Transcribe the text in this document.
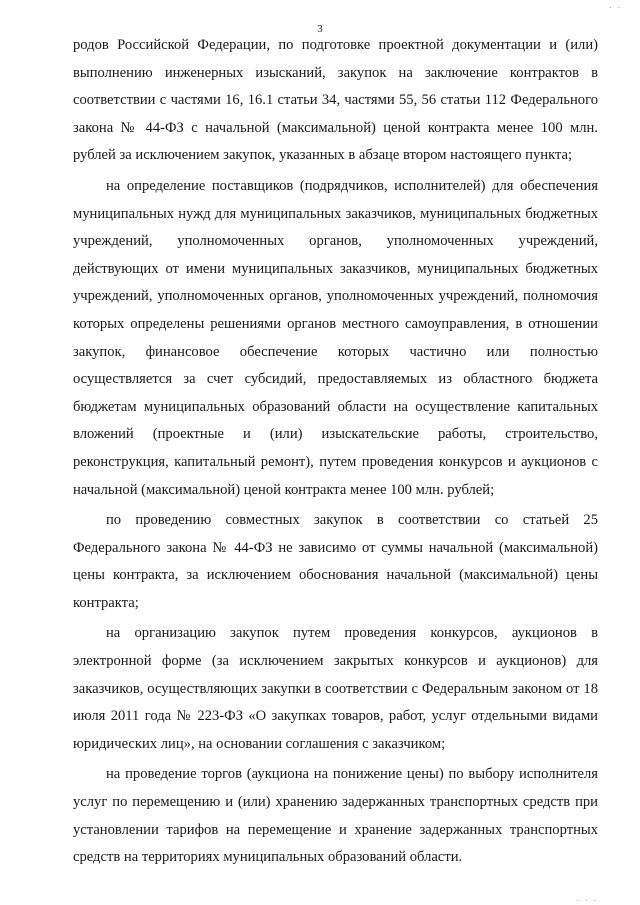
. .
3

родов Российской Федерации, по подготовке проектной документации и (или) выполнению инженерных изысканий, закупок на заключение контрактов в соответствии с частями 16, 16.1 статьи 34, частями 55, 56 статьи 112 Федерального закона № 44-ФЗ с начальной (максимальной) ценой контракта менее 100 млн. рублей за исключением закупок, указанных в абзаце втором настоящего пункта;

на определение поставщиков (подрядчиков, исполнителей) для обеспечения муниципальных нужд для муниципальных заказчиков, муниципальных бюджетных учреждений, уполномоченных органов, уполномоченных учреждений, действующих от имени муниципальных заказчиков, муниципальных бюджетных учреждений, уполномоченных органов, уполномоченных учреждений, полномочия которых определены решениями органов местного самоуправления, в отношении закупок, финансовое обеспечение которых частично или полностью осуществляется за счет субсидий, предоставляемых из областного бюджета бюджетам муниципальных образований области на осуществление капитальных вложений (проектные и (или) изыскательские работы, строительство, реконструкция, капитальный ремонт), путем проведения конкурсов и аукционов с начальной (максимальной) ценой контракта менее 100 млн. рублей;

по проведению совместных закупок в соответствии со статьей 25 Федерального закона № 44-ФЗ не зависимо от суммы начальной (максимальной) цены контракта, за исключением обоснования начальной (максимальной) цены контракта;

на организацию закупок путем проведения конкурсов, аукционов в электронной форме (за исключением закрытых конкурсов и аукционов) для заказчиков, осуществляющих закупки в соответствии с Федеральным законом от 18 июля 2011 года № 223-ФЗ «О закупках товаров, работ, услуг отдельными видами юридических лиц», на основании соглашения с заказчиком;

на проведение торгов (аукциона на понижение цены) по выбору исполнителя услуг по перемещению и (или) хранению задержанных транспортных средств при установлении тарифов на перемещение и хранение задержанных транспортных средств на территориях муниципальных образований области.

. . .
